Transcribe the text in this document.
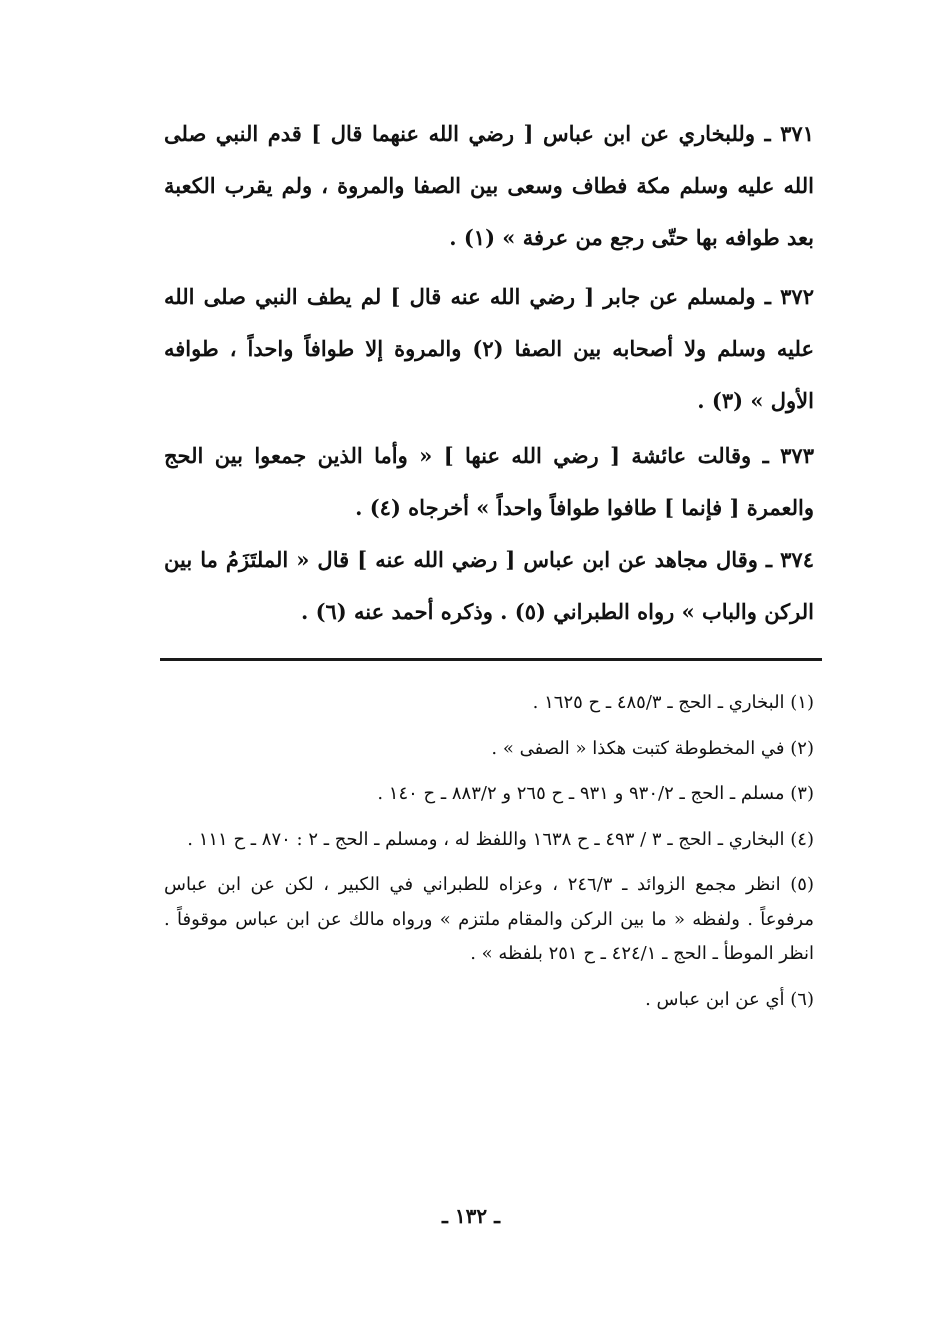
٣٧١ ـ وللبخاري عن ابن عباس [ رضي الله عنهما قال ] قدم النبي صلى الله عليه وسلم مكة فطاف وسعى بين الصفا والمروة ، ولم يقرب الكعبة بعد طوافه بها حتّى رجع من عرفة » (١) .

٣٧٢ ـ ولمسلم عن جابر [ رضي الله عنه قال ] لم يطف النبي صلى الله عليه وسلم ولا أصحابه بين الصفا (٢) والمروة إلا طوافاً واحداً ، طوافه الأول » (٣) .

٣٧٣ ـ وقالت عائشة [ رضي الله عنها ] « وأما الذين جمعوا بين الحج والعمرة [ فإنما ] طافوا طوافاً واحداً » أخرجاه (٤) .

٣٧٤ ـ وقال مجاهد عن ابن عباس [ رضي الله عنه ] قال « الملتَزَمُ ما بين الركن والباب » رواه الطبراني (٥) . وذكره أحمد عنه (٦) .

(١) البخاري ـ الحج ـ ٤٨٥/٣ ـ ح ١٦٢٥ .

(٢) في المخطوطة كتبت هكذا « الصفى » .

(٣) مسلم ـ الحج ـ ٩٣٠/٢ و ٩٣١ ـ ح ٢٦٥ و ٨٨٣/٢ ـ ح ١٤٠ .

(٤) البخاري ـ الحج ـ ٣ / ٤٩٣ ـ ح ١٦٣٨ واللفظ له ، ومسلم ـ الحج ـ ٢ : ٨٧٠ ـ ح ١١١ .

(٥) انظر مجمع الزوائد ـ ٢٤٦/٣ ، وعزاه للطبراني في الكبير ، لكن عن ابن عباس مرفوعاً . ولفظه « ما بين الركن والمقام ملتزم » ورواه مالك عن ابن عباس موقوفاً . انظر الموطأ ـ الحج ـ ٤٢٤/١ ـ ح ٢٥١ بلفظه » .

(٦) أي عن ابن عباس .

ـ ١٣٢ ـ
